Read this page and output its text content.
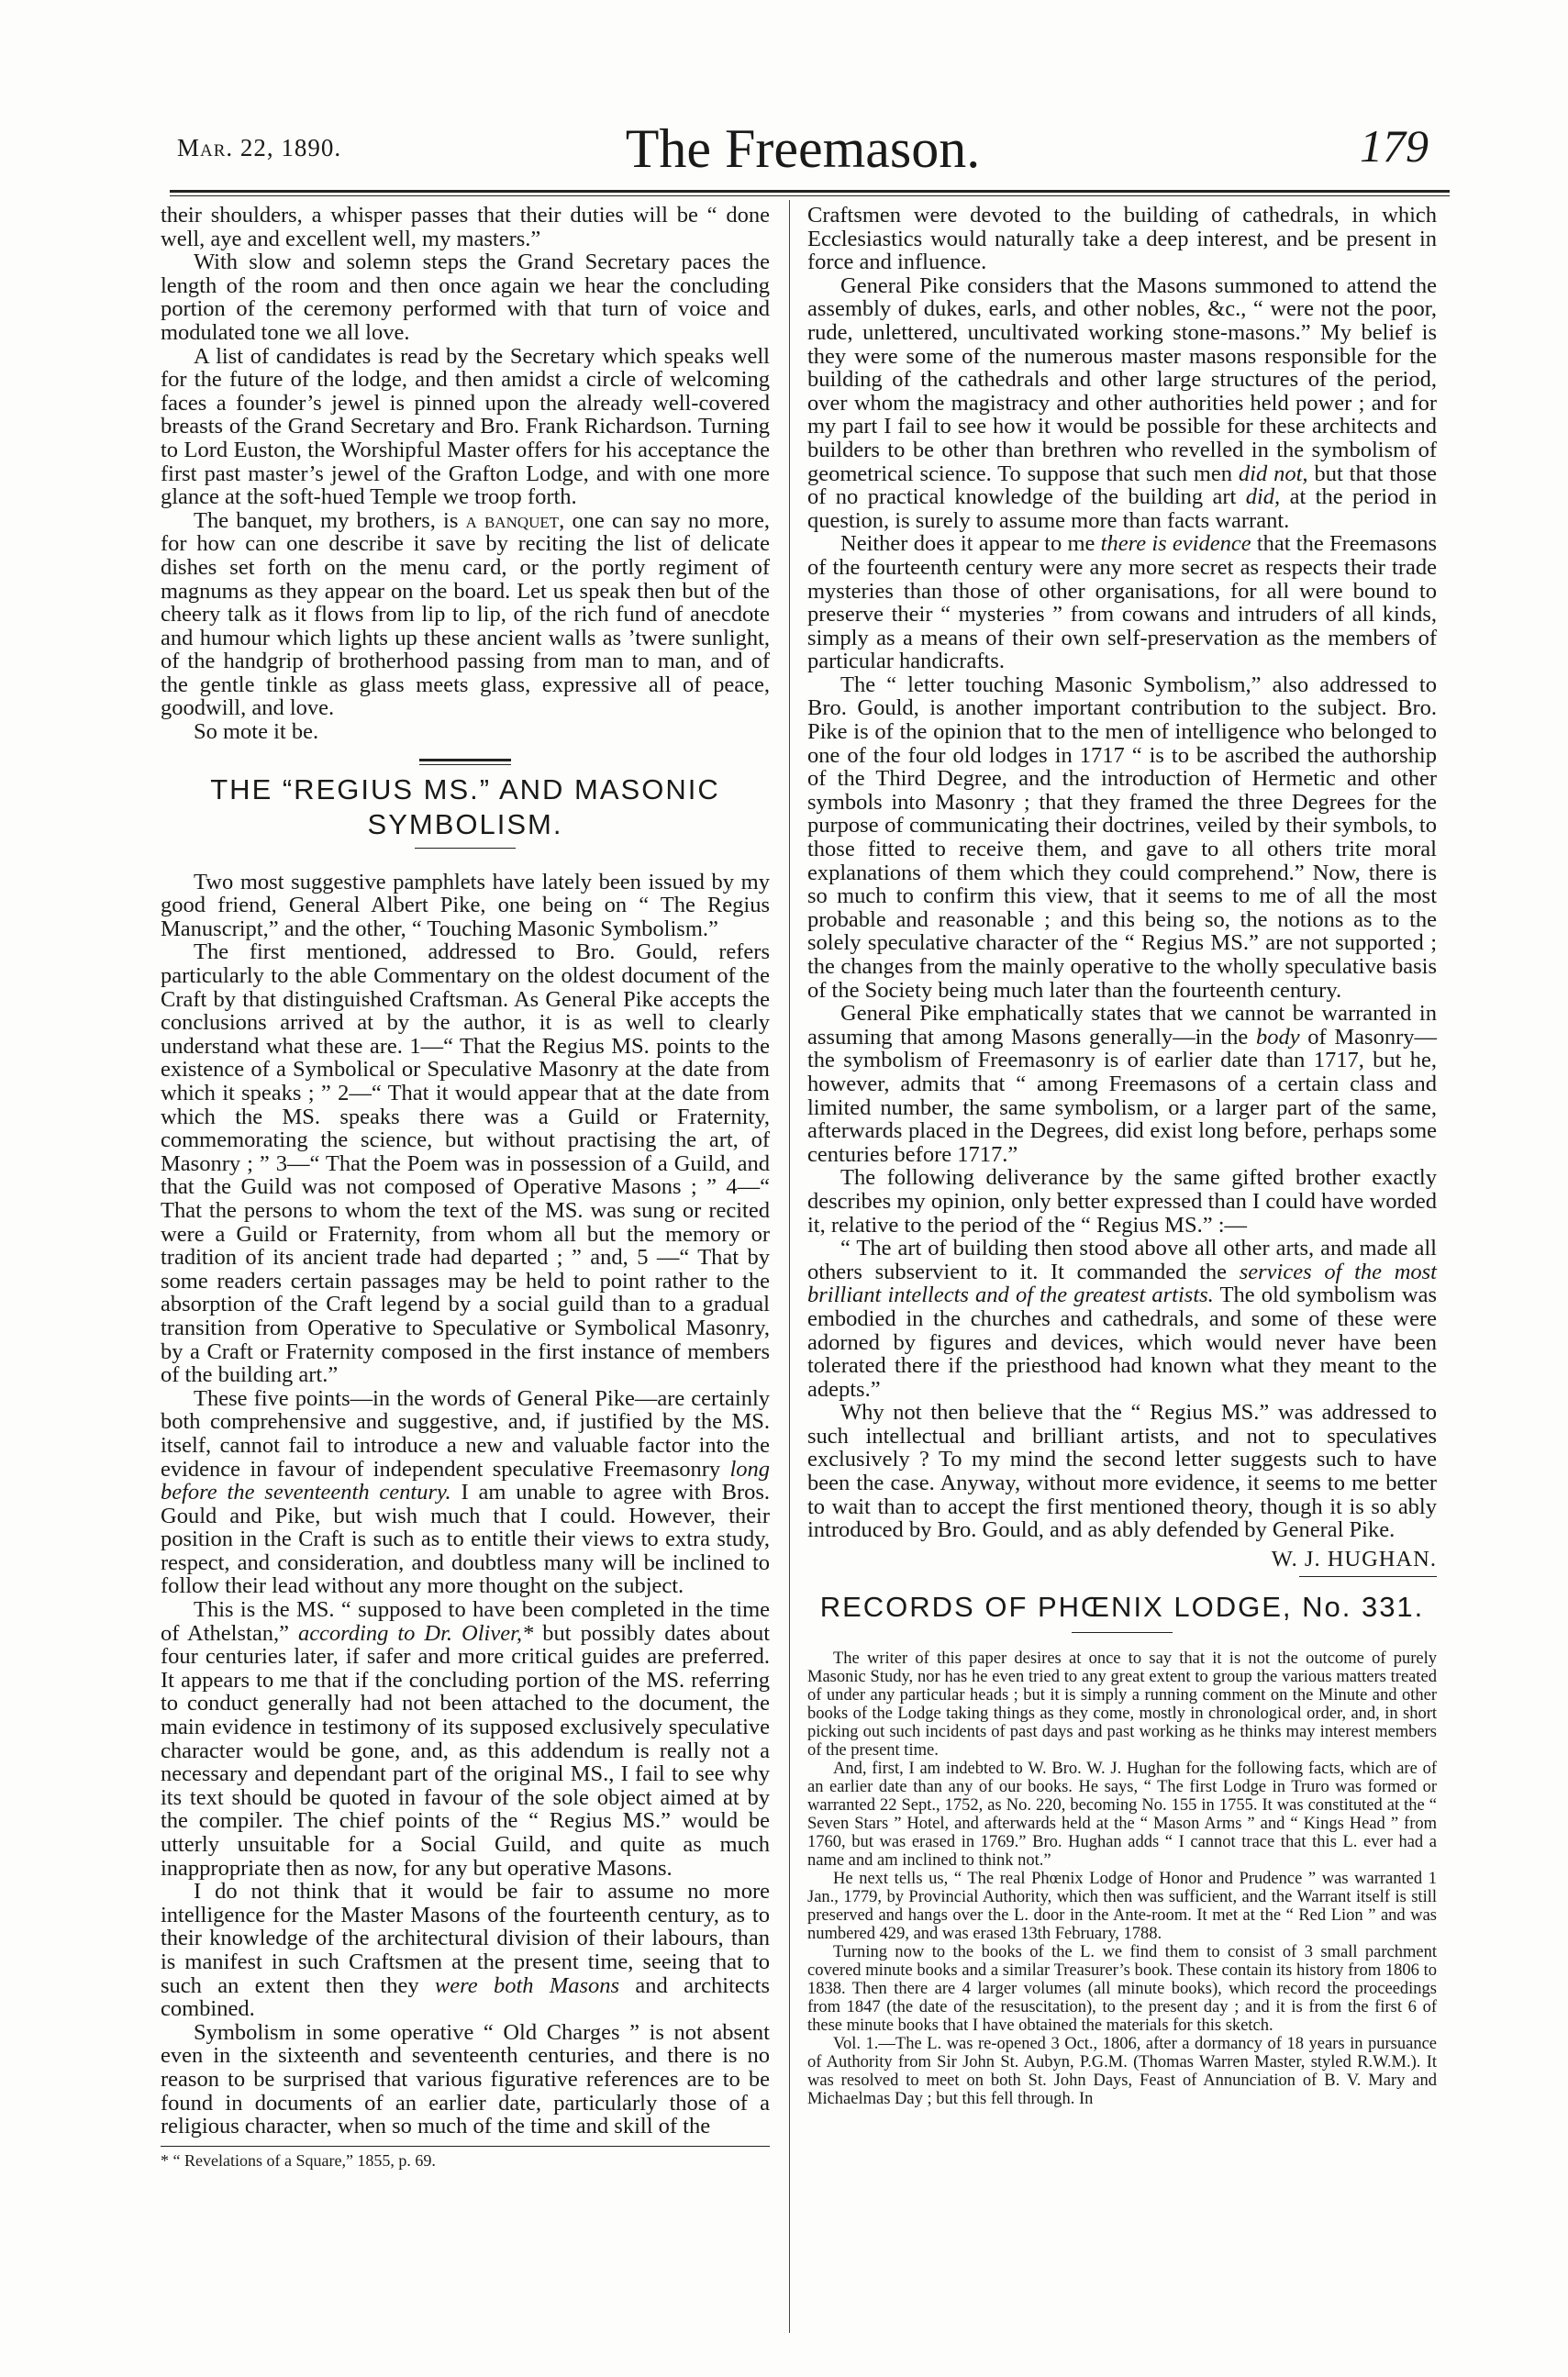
Mar. 22, 1890.	The Freemason.	179

their shoulders, a whisper passes that their duties will be “ done well, aye and excellent well, my masters.”

With slow and solemn steps the Grand Secretary paces the length of the room and then once again we hear the concluding portion of the ceremony performed with that turn of voice and modulated tone we all love.

A list of candidates is read by the Secretary which speaks well for the future of the lodge, and then amidst a circle of welcoming faces a founder’s jewel is pinned upon the already well-covered breasts of the Grand Secretary and Bro. Frank Richardson. Turning to Lord Euston, the Worshipful Master offers for his acceptance the first past master’s jewel of the Grafton Lodge, and with one more glance at the soft-hued Temple we troop forth.

The banquet, my brothers, is a banquet, one can say no more, for how can one describe it save by reciting the list of delicate dishes set forth on the menu card, or the portly regiment of magnums as they appear on the board. Let us speak then but of the cheery talk as it flows from lip to lip, of the rich fund of anecdote and humour which lights up these ancient walls as ’twere sunlight, of the handgrip of brotherhood passing from man to man, and of the gentle tinkle as glass meets glass, expressive all of peace, goodwill, and love.

So mote it be.

THE “REGIUS MS.” AND MASONIC SYMBOLISM.

Two most suggestive pamphlets have lately been issued by my good friend, General Albert Pike, one being on “ The Regius Manuscript,” and the other, “ Touching Masonic Symbolism.”

The first mentioned, addressed to Bro. Gould, refers particularly to the able Commentary on the oldest document of the Craft by that distinguished Craftsman. As General Pike accepts the conclusions arrived at by the author, it is as well to clearly understand what these are. 1—“ That the Regius MS. points to the existence of a Symbolical or Speculative Masonry at the date from which it speaks ; ” 2—“ That it would appear that at the date from which the MS. speaks there was a Guild or Fraternity, commemorating the science, but without practising the art, of Masonry ; ” 3—“ That the Poem was in possession of a Guild, and that the Guild was not composed of Operative Masons ; ” 4—“ That the persons to whom the text of the MS. was sung or recited were a Guild or Fraternity, from whom all but the memory or tradition of its ancient trade had departed ; ” and, 5 —“ That by some readers certain passages may be held to point rather to the absorption of the Craft legend by a social guild than to a gradual transition from Operative to Speculative or Symbolical Masonry, by a Craft or Fraternity composed in the first instance of members of the building art.”

These five points—in the words of General Pike—are certainly both comprehensive and suggestive, and, if justified by the MS. itself, cannot fail to introduce a new and valuable factor into the evidence in favour of independent speculative Freemasonry long before the seventeenth century. I am unable to agree with Bros. Gould and Pike, but wish much that I could. However, their position in the Craft is such as to entitle their views to extra study, respect, and consideration, and doubtless many will be inclined to follow their lead without any more thought on the subject.

This is the MS. “ supposed to have been completed in the time of Athelstan,” according to Dr. Oliver,* but possibly dates about four centuries later, if safer and more critical guides are preferred. It appears to me that if the concluding portion of the MS. referring to conduct generally had not been attached to the document, the main evidence in testimony of its supposed exclusively speculative character would be gone, and, as this addendum is really not a necessary and dependant part of the original MS., I fail to see why its text should be quoted in favour of the sole object aimed at by the compiler. The chief points of the “ Regius MS.” would be utterly unsuitable for a Social Guild, and quite as much inappropriate then as now, for any but operative Masons.

I do not think that it would be fair to assume no more intelligence for the Master Masons of the fourteenth century, as to their knowledge of the architectural division of their labours, than is manifest in such Craftsmen at the present time, seeing that to such an extent then they were both Masons and architects combined.

Symbolism in some operative “ Old Charges ” is not absent even in the sixteenth and seventeenth centuries, and there is no reason to be surprised that various figurative references are to be found in documents of an earlier date, particularly those of a religious character, when so much of the time and skill of the

* “ Revelations of a Square,” 1855, p. 69.

Craftsmen were devoted to the building of cathedrals, in which Ecclesiastics would naturally take a deep interest, and be present in force and influence.

General Pike considers that the Masons summoned to attend the assembly of dukes, earls, and other nobles, &c., “ were not the poor, rude, unlettered, uncultivated working stone-masons.” My belief is they were some of the numerous master masons responsible for the building of the cathedrals and other large structures of the period, over whom the magistracy and other authorities held power ; and for my part I fail to see how it would be possible for these architects and builders to be other than brethren who revelled in the symbolism of geometrical science. To suppose that such men did not, but that those of no practical knowledge of the building art did, at the period in question, is surely to assume more than facts warrant.

Neither does it appear to me there is evidence that the Freemasons of the fourteenth century were any more secret as respects their trade mysteries than those of other organisations, for all were bound to preserve their “ mysteries ” from cowans and intruders of all kinds, simply as a means of their own self-preservation as the members of particular handicrafts.

The “ letter touching Masonic Symbolism,” also addressed to Bro. Gould, is another important contribution to the subject. Bro. Pike is of the opinion that to the men of intelligence who belonged to one of the four old lodges in 1717 “ is to be ascribed the authorship of the Third Degree, and the introduction of Hermetic and other symbols into Masonry ; that they framed the three Degrees for the purpose of communicating their doctrines, veiled by their symbols, to those fitted to receive them, and gave to all others trite moral explanations of them which they could comprehend.” Now, there is so much to confirm this view, that it seems to me of all the most probable and reasonable ; and this being so, the notions as to the solely speculative character of the “ Regius MS.” are not supported ; the changes from the mainly operative to the wholly speculative basis of the Society being much later than the fourteenth century.

General Pike emphatically states that we cannot be warranted in assuming that among Masons generally—in the body of Masonry—the symbolism of Freemasonry is of earlier date than 1717, but he, however, admits that “ among Freemasons of a certain class and limited number, the same symbolism, or a larger part of the same, afterwards placed in the Degrees, did exist long before, perhaps some centuries before 1717.”

The following deliverance by the same gifted brother exactly describes my opinion, only better expressed than I could have worded it, relative to the period of the “ Regius MS.” :—

“ The art of building then stood above all other arts, and made all others subservient to it. It commanded the services of the most brilliant intellects and of the greatest artists. The old symbolism was embodied in the churches and cathedrals, and some of these were adorned by figures and devices, which would never have been tolerated there if the priesthood had known what they meant to the adepts.”

Why not then believe that the “ Regius MS.” was addressed to such intellectual and brilliant artists, and not to speculatives exclusively ? To my mind the second letter suggests such to have been the case. Anyway, without more evidence, it seems to me better to wait than to accept the first mentioned theory, though it is so ably introduced by Bro. Gould, and as ably defended by General Pike.

W. J. HUGHAN.

RECORDS OF PHŒNIX LODGE, No. 331.

The writer of this paper desires at once to say that it is not the outcome of purely Masonic Study, nor has he even tried to any great extent to group the various matters treated of under any particular heads ; but it is simply a running comment on the Minute and other books of the Lodge taking things as they come, mostly in chronological order, and, in short picking out such incidents of past days and past working as he thinks may interest members of the present time.

And, first, I am indebted to W. Bro. W. J. Hughan for the following facts, which are of an earlier date than any of our books. He says, “ The first Lodge in Truro was formed or warranted 22 Sept., 1752, as No. 220, becoming No. 155 in 1755. It was constituted at the “ Seven Stars ” Hotel, and afterwards held at the “ Mason Arms ” and “ Kings Head ” from 1760, but was erased in 1769.” Bro. Hughan adds “ I cannot trace that this L. ever had a name and am inclined to think not.”

He next tells us, “ The real Phœnix Lodge of Honor and Prudence ” was warranted 1 Jan., 1779, by Provincial Authority, which then was sufficient, and the Warrant itself is still preserved and hangs over the L. door in the Ante-room. It met at the “ Red Lion ” and was numbered 429, and was erased 13th February, 1788.

Turning now to the books of the L. we find them to consist of 3 small parchment covered minute books and a similar Treasurer’s book. These contain its history from 1806 to 1838. Then there are 4 larger volumes (all minute books), which record the proceedings from 1847 (the date of the resuscitation), to the present day ; and it is from the first 6 of these minute books that I have obtained the materials for this sketch.

Vol. 1.—The L. was re-opened 3 Oct., 1806, after a dormancy of 18 years in pursuance of Authority from Sir John St. Aubyn, P.G.M. (Thomas Warren Master, styled R.W.M.). It was resolved to meet on both St. John Days, Feast of Annunciation of B. V. Mary and Michaelmas Day ; but this fell through. In
